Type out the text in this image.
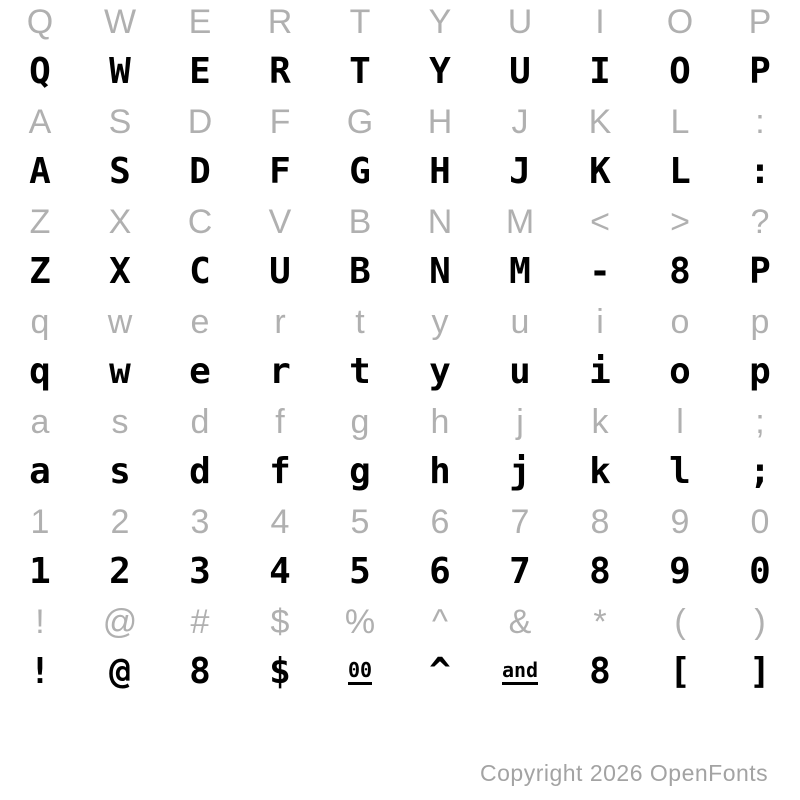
Q W E R T Y U I O P
Q W E R T Y U I O P
A S D F G H J K L :
A S D F G H J K L :
Z X C V B N M < > ?
Z X C U B N M - 8 P
q w e r t y u i o p
q w e r t y u i o p
a s d f g h j k l ;
a s d f g h j k l ;
1 2 3 4 5 6 7 8 9 0
1 2 3 4 5 6 7 8 9 0
! @ # $ % ^ & * ( )
! @ 8 $	00 ^	and 8 [ ]
Copyright 2026 OpenFonts
